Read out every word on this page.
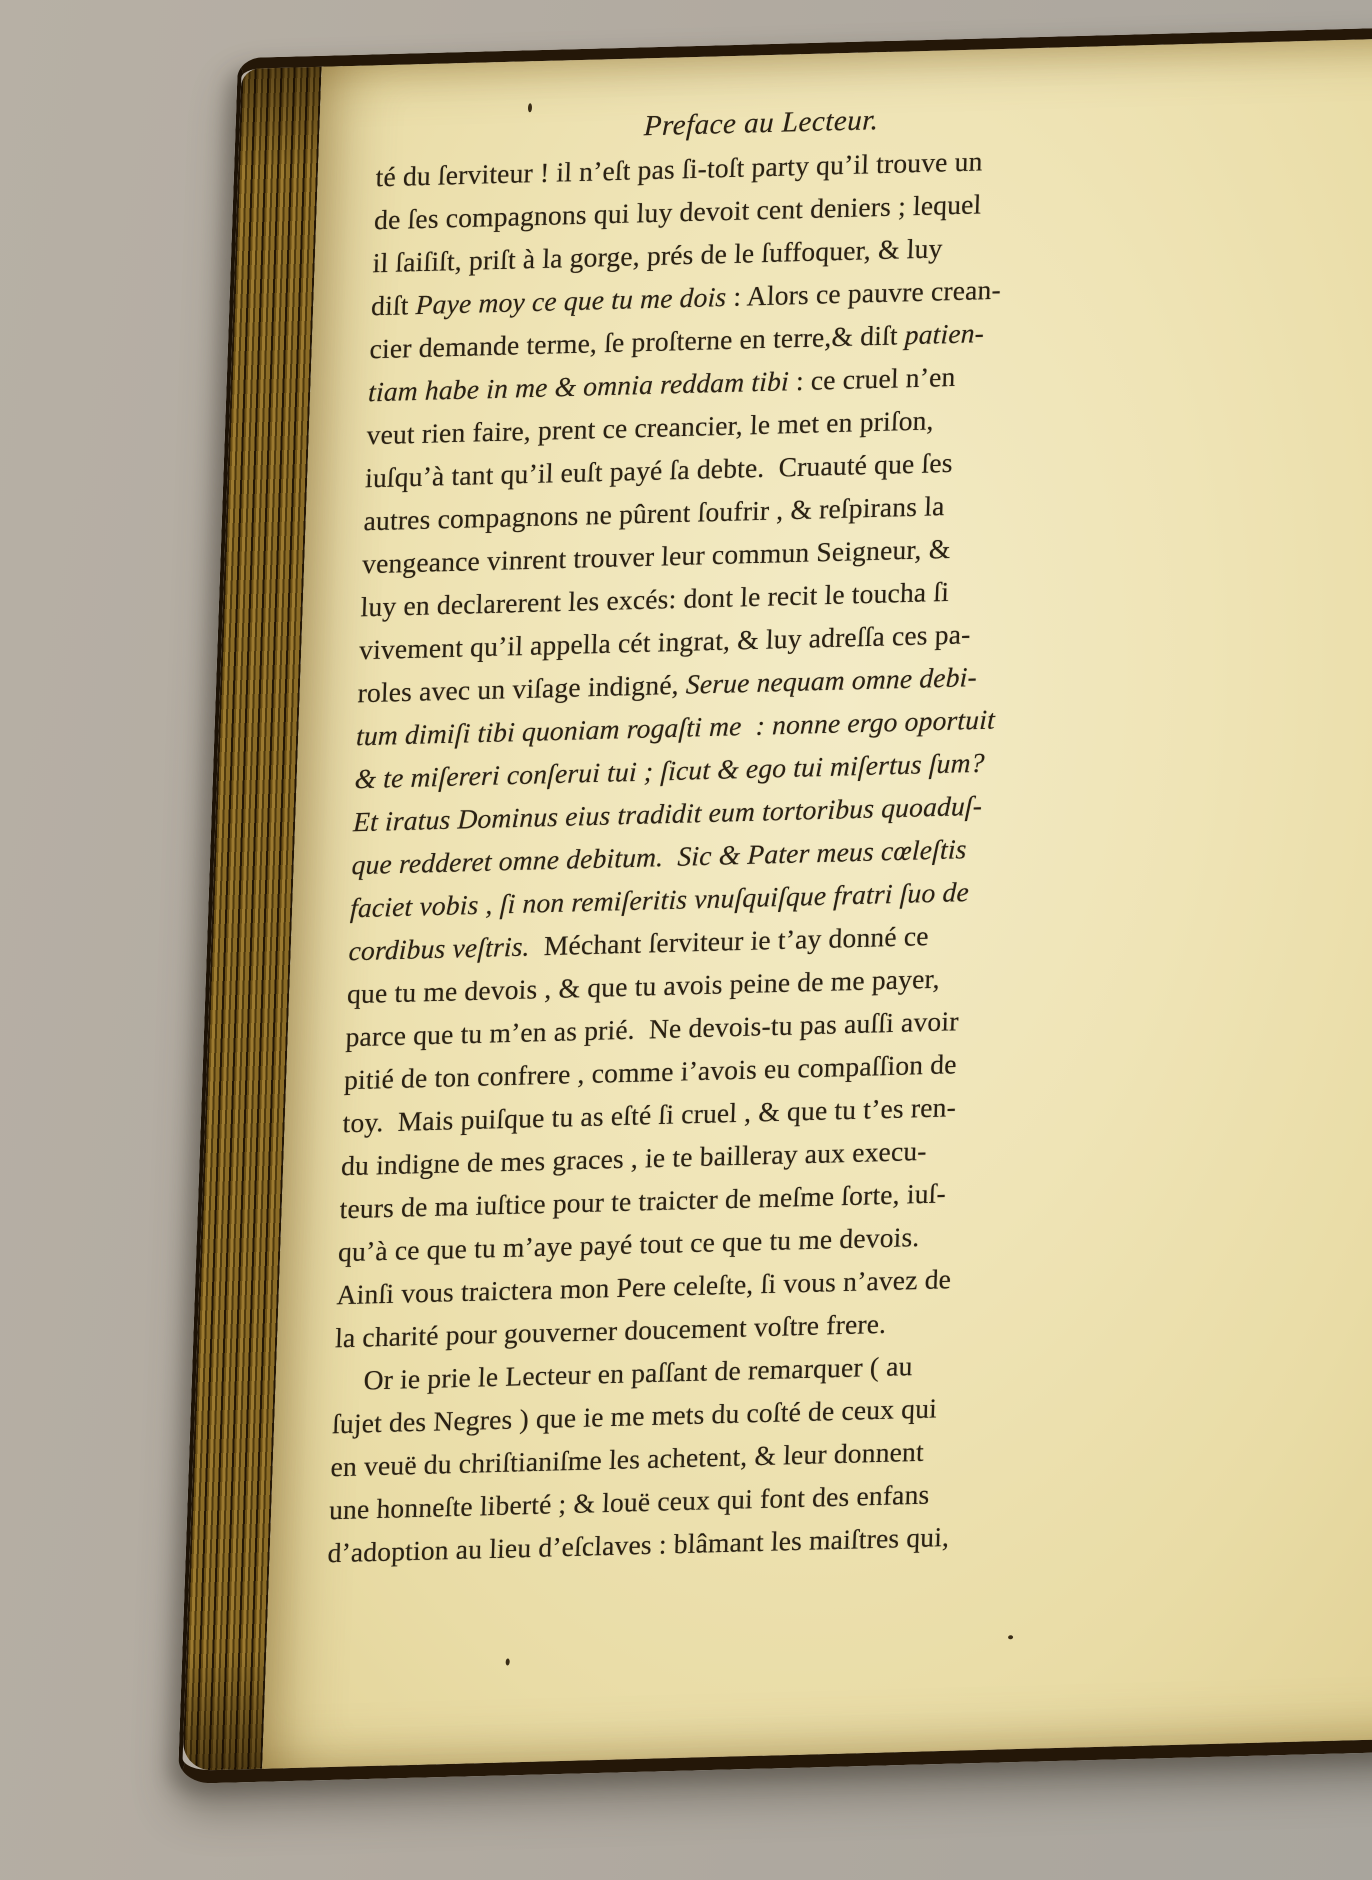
Preface au Lecteur.
té du ſerviteur ! il n’eſt pas ſi-toſt party qu’il trouve un
de ſes compagnons qui luy devoit cent deniers ; lequel
il ſaiſiſt, priſt à la gorge, prés de le ſuffoquer, & luy
diſt Paye moy ce que tu me dois : Alors ce pauvre crean-
cier demande terme, ſe proſterne en terre,& diſt patien-
tiam habe in me & omnia reddam tibi : ce cruel n’en
veut rien faire, prent ce creancier, le met en priſon,
iuſqu’à tant qu’il euſt payé ſa debte.  Cruauté que ſes
autres compagnons ne pûrent ſoufrir , & reſpirans la
vengeance vinrent trouver leur commun Seigneur, &
luy en declarerent les excés: dont le recit le toucha ſi
vivement qu’il appella cét ingrat, & luy adreſſa ces pa-
roles avec un viſage indigné, Serue nequam omne debi-
tum dimiſi tibi quoniam rogaſti me  : nonne ergo oportuit
& te miſereri conſerui tui ; ſicut & ego tui miſertus ſum?
Et iratus Dominus eius tradidit eum tortoribus quoaduſ-
que redderet omne debitum.  Sic & Pater meus cœleſtis
faciet vobis , ſi non remiſeritis vnuſquiſque fratri ſuo de
cordibus veſtris.  Méchant ſerviteur ie t’ay donné ce
que tu me devois , & que tu avois peine de me payer,
parce que tu m’en as prié.  Ne devois-tu pas auſſi avoir
pitié de ton confrere , comme i’avois eu compaſſion de
toy.  Mais puiſque tu as eſté ſi cruel , & que tu t’es ren-
du indigne de mes graces , ie te bailleray aux execu-
teurs de ma iuſtice pour te traicter de meſme ſorte, iuſ-
qu’à ce que tu m’aye payé tout ce que tu me devois.
Ainſi vous traictera mon Pere celeſte, ſi vous n’avez de
la charité pour gouverner doucement voſtre frere.
Or ie prie le Lecteur en paſſant de remarquer ( au
ſujet des Negres ) que ie me mets du coſté de ceux qui
en veuë du chriſtianiſme les achetent, & leur donnent
une honneſte liberté ; & louë ceux qui font des enfans
d’adoption au lieu d’eſclaves : blâmant les maiſtres qui,
